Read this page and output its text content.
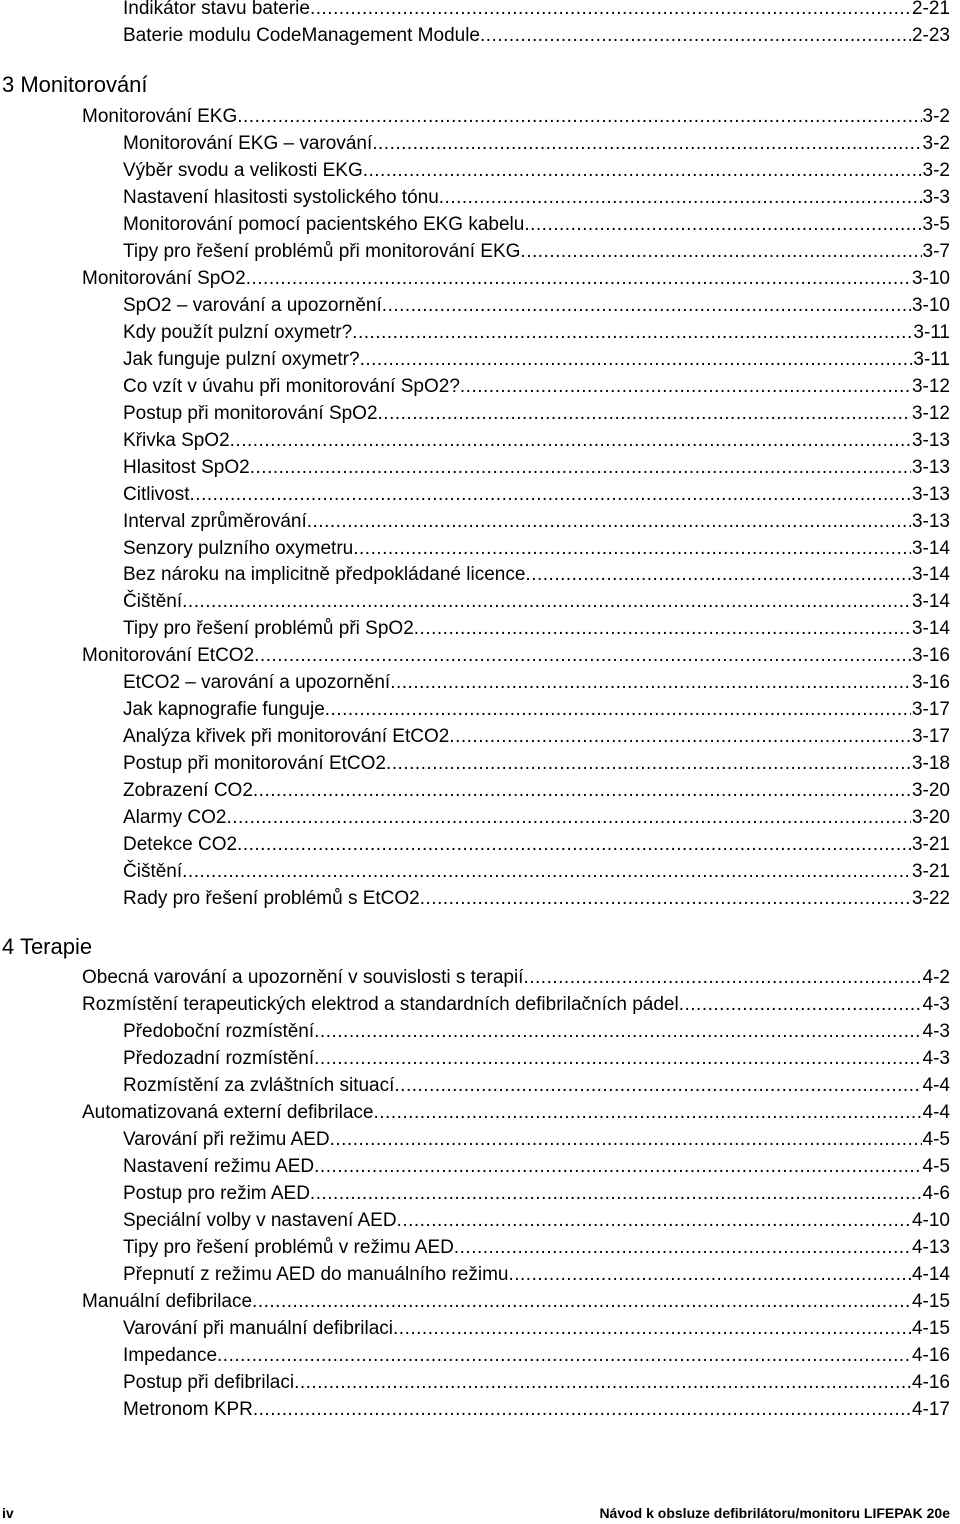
Indikátor stavu baterie .....	2-21
Baterie modulu CodeManagement Module .....	2-23
3 Monitorování
Monitorování EKG .....	3-2
Monitorování EKG – varování .....	3-2
Výběr svodu a velikosti EKG .....	3-2
Nastavení hlasitosti systolického tónu .....	3-3
Monitorování pomocí pacientského EKG kabelu .....	3-5
Tipy pro řešení problémů při monitorování EKG .....	3-7
Monitorování SpO2 .....	3-10
SpO2 – varování a upozornění .....	3-10
Kdy použít pulzní oxymetr? .....	3-11
Jak funguje pulzní oxymetr? .....	3-11
Co vzít v úvahu při monitorování SpO2? .....	3-12
Postup při monitorování SpO2 .....	3-12
Křivka SpO2 .....	3-13
Hlasitost SpO2 .....	3-13
Citlivost .....	3-13
Interval zprůměrování .....	3-13
Senzory pulzního oxymetru .....	3-14
Bez nároku na implicitně předpokládané licence .....	3-14
Čištění .....	3-14
Tipy pro řešení problémů při SpO2 .....	3-14
Monitorování EtCO2 .....	3-16
EtCO2 – varování a upozornění .....	3-16
Jak kapnografie funguje .....	3-17
Analýza křivek při monitorování EtCO2 .....	3-17
Postup při monitorování EtCO2 .....	3-18
Zobrazení CO2 .....	3-20
Alarmy CO2 .....	3-20
Detekce CO2 .....	3-21
Čištění .....	3-21
Rady pro řešení problémů s EtCO2 .....	3-22
4 Terapie
Obecná varování a upozornění v souvislosti s terapií .....	4-2
Rozmístění terapeutických elektrod a standardních defibrilačních pádel .....	4-3
Předoboční rozmístění .....	4-3
Předozadní rozmístění .....	4-3
Rozmístění za zvláštních situací .....	4-4
Automatizovaná externí defibrilace .....	4-4
Varování při režimu AED .....	4-5
Nastavení režimu AED .....	4-5
Postup pro režim AED .....	4-6
Speciální volby v nastavení AED .....	4-10
Tipy pro řešení problémů v režimu AED .....	4-13
Přepnutí z režimu AED do manuálního režimu .....	4-14
Manuální defibrilace .....	4-15
Varování při manuální defibrilaci .....	4-15
Impedance .....	4-16
Postup při defibrilaci .....	4-16
Metronom KPR .....	4-17
iv	Návod k obsluze defibrilátoru/monitoru LIFEPAK 20e
